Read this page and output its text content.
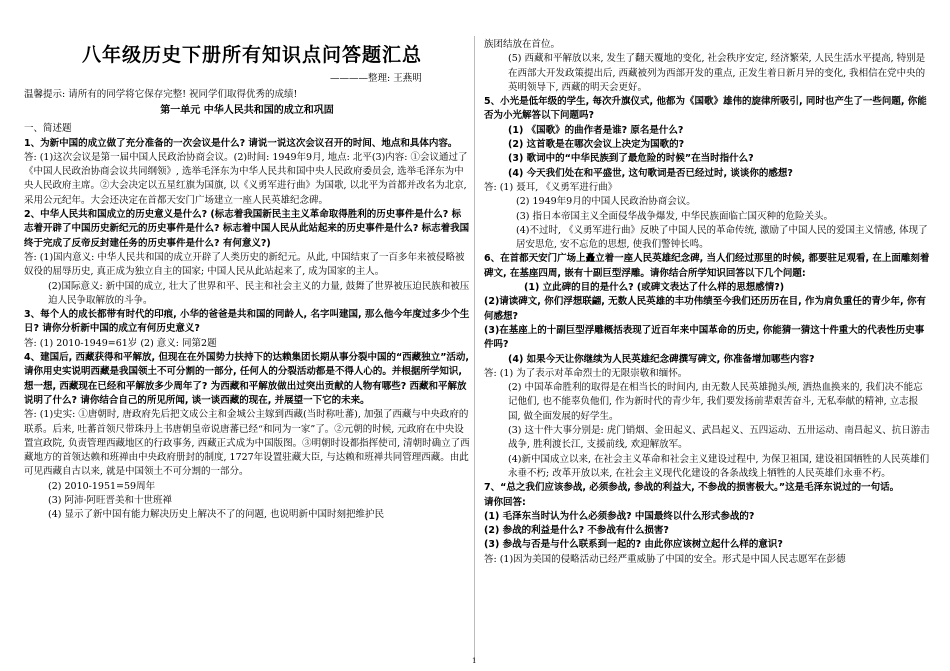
八年级历史下册所有知识点问答题汇总
————整理: 王燕明
温馨提示: 请所有的同学将它保存完整! 祝同学们取得优秀的成绩!

第一单元 中华人民共和国的成立和巩固

一、简述题

1、为新中国的成立做了充分准备的一次会议是什么? 请说一说这次会议召开的时间、地点和具体内容。

答: (1)这次会议是第一届中国人民政治协商会议。(2)时间: 1949年9月, 地点: 北平(3)内容: ①会议通过了《中国人民政治协商会议共同纲领》, 选举毛泽东为中华人民共和国中央人民政府委员会, 选举毛泽东为中央人民政府主席。②大会决定以五星红旗为国旗, 以《义勇军进行曲》为国歌, 以北平为首都并改名为北京, 采用公元纪年。大会还决定在首都天安门广场建立一座人民英雄纪念碑。

2、中华人民共和国成立的历史意义是什么? (标志着我国新民主主义革命取得胜利的历史事件是什么? 标志着开辟了中国历史新纪元的历史事件是什么? 标志着中国人民从此站起来的历史事件是什么? 标志着我国终于完成了反帝反封建任务的历史事件是什么? 有何意义?)

答: (1)国内意义: 中华人民共和国的成立开辟了人类历史的新纪元。从此, 中国结束了一百多年来被侵略被奴役的屈辱历史, 真正成为独立自主的国家; 中国人民从此站起来了, 成为国家的主人。

(2)国际意义: 新中国的成立, 壮大了世界和平、民主和社会主义的力量, 鼓舞了世界被压迫民族和被压迫人民争取解放的斗争。

3、每个人的成长都带有时代的印痕, 小华的爸爸是共和国的同龄人, 名字叫建国, 那么他今年度过多少个生日? 请你分析新中国的成立有何历史意义?

答: (1) 2010-1949=61岁 (2) 意义: 同第2题

4、建国后, 西藏获得和平解放, 但现在在外国势力扶持下的达赖集团长期从事分裂中国的“西藏独立”活动, 请你用史实说明西藏是我国领土不可分割的一部分, 任何人的分裂活动都是不得人心的。并根据所学知识, 想一想, 西藏现在已经和平解放多少周年了? 为西藏和平解放做出过突出贡献的人物有哪些? 西藏和平解放说明了什么? 请你结合自己的所见所闻, 谈一谈西藏的现在, 并展望一下它的未来。

答: (1)史实: ①唐朝时, 唐政府先后把文成公主和金城公主嫁到西藏(当时称吐蕃), 加强了西藏与中央政府的联系。后来, 吐蕃首领尺带珠丹上书唐朝皇帝说唐蕃已经“和同为一家”了。②元朝的时候, 元政府在中央设置宣政院, 负责管理西藏地区的行政事务, 西藏正式成为中国版图。③明朝时设都指挥使司, 清朝时确立了西藏地方的首领达赖和班禅由中央政府册封的制度, 1727年设置驻藏大臣, 与达赖和班禅共同管理西藏。由此可见西藏自古以来, 就是中国领土不可分割的一部分。

(2) 2010-1951=59周年

(3) 阿沛·阿旺晋美和十世班禅

(4) 显示了新中国有能力解决历史上解决不了的问题, 也说明新中国时刻把维护民

族团结放在首位。

(5) 西藏和平解放以来, 发生了翻天覆地的变化, 社会秩序安定, 经济繁荣, 人民生活水平提高, 特别是在西部大开发政策提出后, 西藏被列为西部开发的重点, 正发生着日新月异的变化, 我相信在党中央的英明领导下, 西藏的明天会更好。

5、小光是低年级的学生, 每次升旗仪式, 他都为《国歌》雄伟的旋律所吸引, 同时也产生了一些问题, 你能否为小光解答以下问题吗?

(1) 《国歌》的曲作者是谁? 原名是什么?

(2) 这首歌是在哪次会议上决定为国歌的?

(3) 歌词中的“中华民族到了最危险的时候”在当时指什么?

(4) 今天我们处在和平盛世, 这句歌词是否已经过时, 谈谈你的感想?

答: (1) 聂耳, 《义勇军进行曲》

(2) 1949年9月的中国人民政治协商会议。

(3) 指日本帝国主义全面侵华战争爆发, 中华民族面临亡国灭种的危险关头。

(4)不过时, 《义勇军进行曲》反映了中国人民的革命传统, 激励了中国人民的爱国主义情感, 体现了居安思危, 安不忘危的思想, 使我们警钟长鸣。

6、在首都天安门广场上矗立着一座人民英雄纪念碑, 当人们经过那里的时候, 都要驻足观看, 在上面雕刻着碑文, 在基座四周, 嵌有十副巨型浮雕。请你结合所学知识回答以下几个问题:

(1) 立此碑的目的是什么? (或碑文表达了什么样的思想感情?)

(2)请读碑文, 你们浮想联翩, 无数人民英雄的丰功伟绩至今我们还历历在目, 作为肩负重任的青少年, 你有何感想?

(3)在基座上的十副巨型浮雕概括表现了近百年来中国革命的历史, 你能猜一猜这十件重大的代表性历史事件吗?

(4) 如果今天让你继续为人民英雄纪念碑撰写碑文, 你准备增加哪些内容?

答: (1) 为了表示对革命烈士的无限崇敬和缅怀。

(2) 中国革命胜利的取得是在相当长的时间内, 由无数人民英雄抛头颅, 洒热血换来的, 我们决不能忘记他们, 也不能辜负他们, 作为新时代的青少年, 我们要发扬前辈艰苦奋斗, 无私奉献的精神, 立志报国, 做全面发展的好学生。

(3) 这十件大事分别是: 虎门销烟、金田起义、武昌起义、五四运动、五卅运动、南昌起义、抗日游击战争, 胜利渡长江, 支援前线, 欢迎解放军。

(4)新中国成立以来, 在社会主义革命和社会主义建设过程中, 为保卫祖国, 建设祖国牺牲的人民英雄们永垂不朽; 改革开放以来, 在社会主义现代化建设的各条战线上牺牲的人民英雄们永垂不朽。

7、“总之我们应该参战, 必须参战, 参战的利益大, 不参战的损害极大。”这是毛泽东说过的一句话。

请你回答:

(1) 毛泽东当时认为什么必须参战? 中国最终以什么形式参战的?

(2) 参战的利益是什么? 不参战有什么损害?

(3) 参战与否是与什么联系到一起的? 由此你应该树立起什么样的意识?

答: (1)因为美国的侵略活动已经严重威胁了中国的安全。形式是中国人民志愿军在彭德

1
